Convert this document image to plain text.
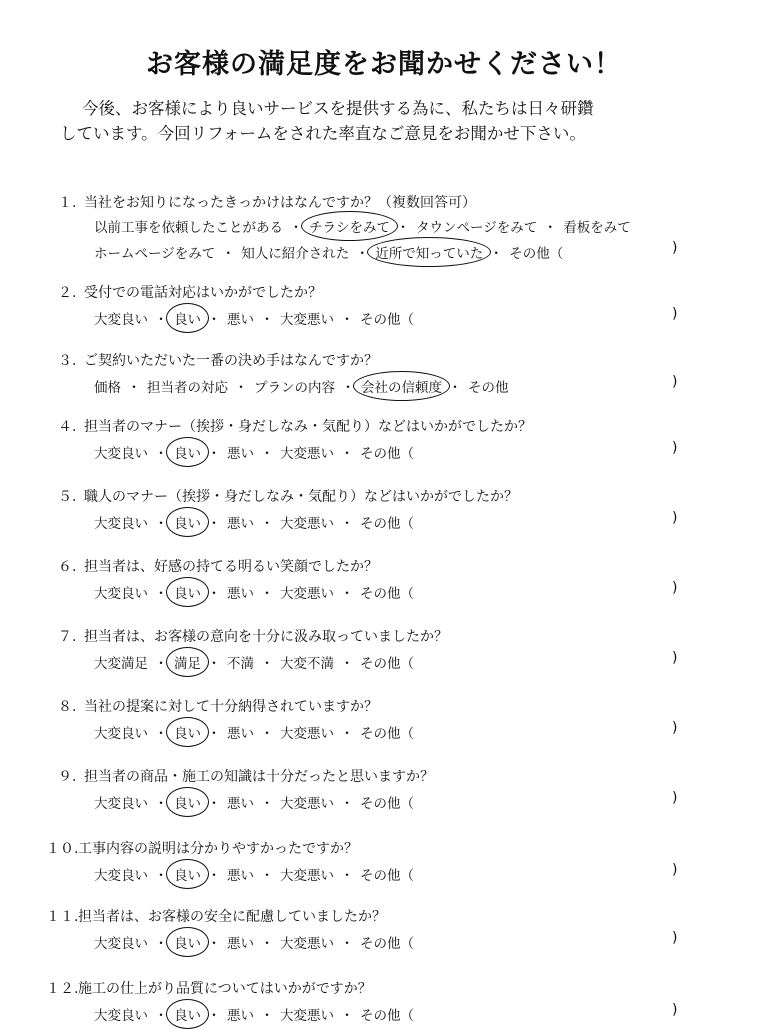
お客様の満足度をお聞かせください！
今後、お客様により良いサービスを提供する為に、私たちは日々研鑽
しています。今回リフォームをされた率直なご意見をお聞かせ下さい。
１. 当社をお知りになったきっかけはなんですか？（複数回答可）
以前工事を依頼したことがある ・ チラシをみて ・ タウンページをみて ・ 看板をみて
ホームページをみて ・ 知人に紹介された ・ 近所で知っていた ・ その他（	)
２. 受付での電話対応はいかがでしたか？
大変良い ・ 良い ・ 悪い ・ 大変悪い ・ その他（	)
３. ご契約いただいた一番の決め手はなんですか？
価格 ・ 担当者の対応 ・ プランの内容 ・ 会社の信頼度 ・ その他	)
４. 担当者のマナー（挨拶・身だしなみ・気配り）などはいかがでしたか？
大変良い ・ 良い ・ 悪い ・ 大変悪い ・ その他（	)
５. 職人のマナー（挨拶・身だしなみ・気配り）などはいかがでしたか？
大変良い ・ 良い ・ 悪い ・ 大変悪い ・ その他（	)
６. 担当者は、好感の持てる明るい笑顔でしたか？
大変良い ・ 良い ・ 悪い ・ 大変悪い ・ その他（	)
７. 担当者は、お客様の意向を十分に汲み取っていましたか？
大変満足 ・ 満足 ・ 不満 ・ 大変不満 ・ その他（	)
８. 当社の提案に対して十分納得されていますか？
大変良い ・ 良い ・ 悪い ・ 大変悪い ・ その他（	)
９. 担当者の商品・施工の知識は十分だったと思いますか？
大変良い ・ 良い ・ 悪い ・ 大変悪い ・ その他（	)
１０.工事内容の説明は分かりやすかったですか？
大変良い ・ 良い ・ 悪い ・ 大変悪い ・ その他（	)
１１.担当者は、お客様の安全に配慮していましたか？
大変良い ・ 良い ・ 悪い ・ 大変悪い ・ その他（	)
１２.施工の仕上がり品質についてはいかがですか？
大変良い ・ 良い ・ 悪い ・ 大変悪い ・ その他（	)
